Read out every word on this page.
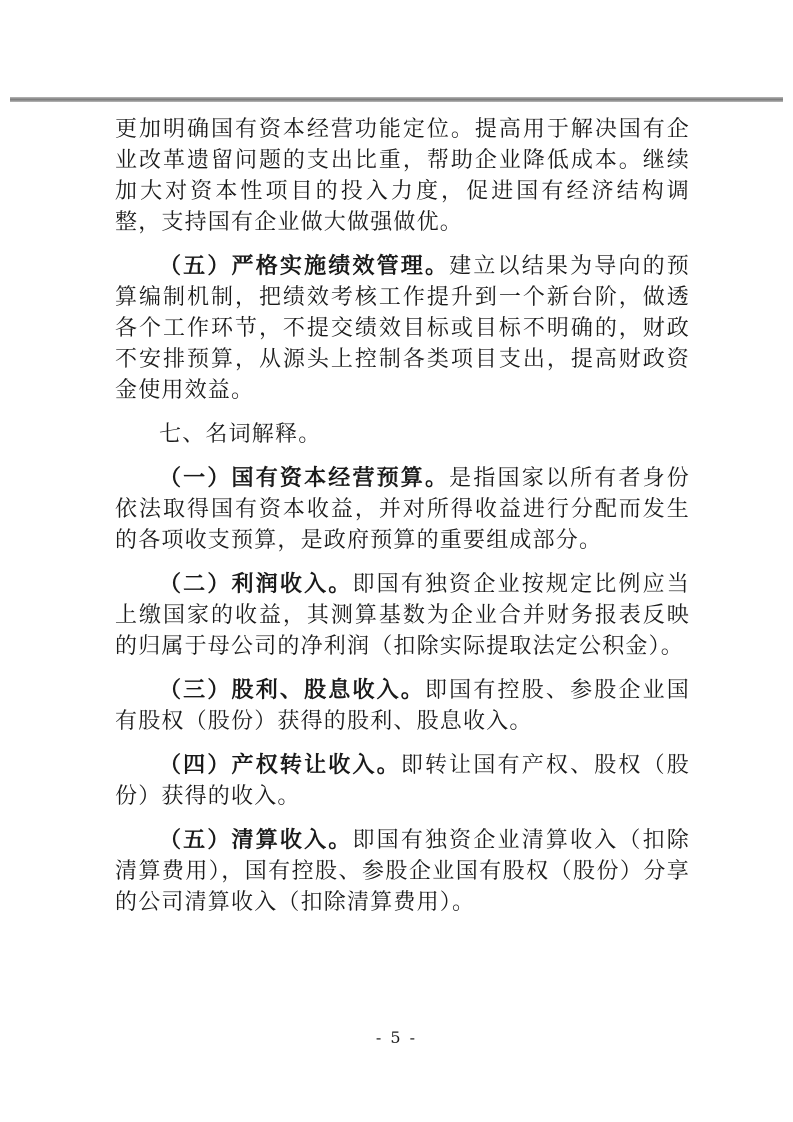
更加明确国有资本经营功能定位。提高用于解决国有企业改革遗留问题的支出比重，帮助企业降低成本。继续加大对资本性项目的投入力度，促进国有经济结构调整，支持国有企业做大做强做优。

（五）严格实施绩效管理。建立以结果为导向的预算编制机制，把绩效考核工作提升到一个新台阶，做透各个工作环节，不提交绩效目标或目标不明确的，财政不安排预算，从源头上控制各类项目支出，提高财政资金使用效益。

七、名词解释。

（一）国有资本经营预算。是指国家以所有者身份依法取得国有资本收益，并对所得收益进行分配而发生的各项收支预算，是政府预算的重要组成部分。

（二）利润收入。即国有独资企业按规定比例应当上缴国家的收益，其测算基数为企业合并财务报表反映的归属于母公司的净利润（扣除实际提取法定公积金）。

（三）股利、股息收入。即国有控股、参股企业国有股权（股份）获得的股利、股息收入。

（四）产权转让收入。即转让国有产权、股权（股份）获得的收入。

（五）清算收入。即国有独资企业清算收入（扣除清算费用），国有控股、参股企业国有股权（股份）分享的公司清算收入（扣除清算费用）。

- 5 -
